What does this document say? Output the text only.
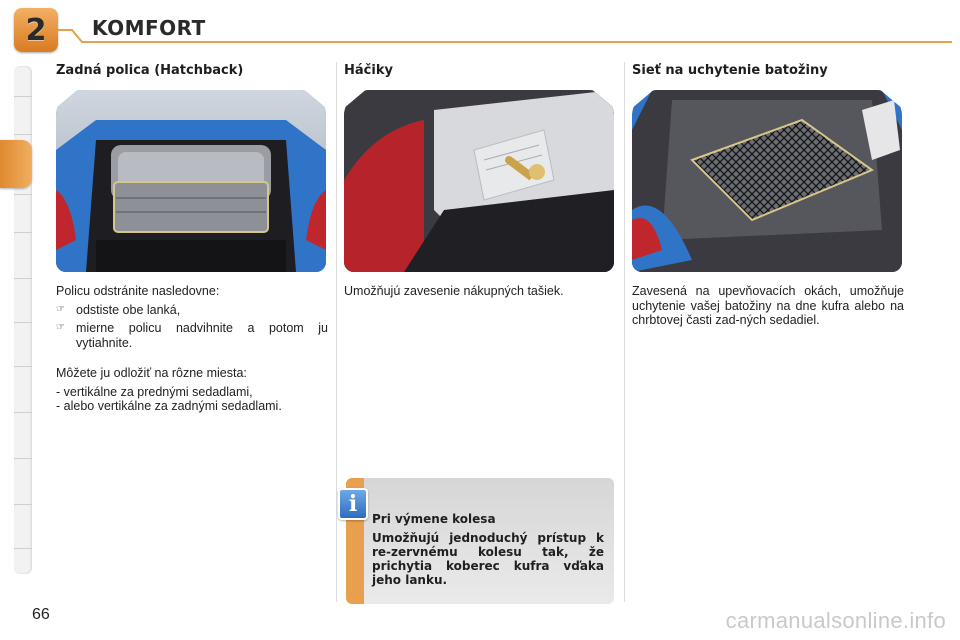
2 KOMFORT
Zadná polica (Hatchback)

Policu odstránite nasledovne:

☞ odstiste obe lanká,
☞ mierne policu nadvihnite a potom ju vytiahnite.

Môžete ju odložiť na rôzne miesta:

- vertikálne za prednými sedadlami,

- alebo vertikálne za zadnými sedadlami.

Háčiky

Umožňujú zavesenie nákupných tašiek.

Sieť na uchytenie batožiny

Zavesená na upevňovacích okách, umožňuje uchytenie vašej batožiny na dne kufra alebo na chrbtovej časti zad-ných sedadiel.

Pri výmene kolesa
Umožňujú jednoduchý prístup k re-zervnému kolesu tak, že prichytia koberec kufra vďaka jeho lanku.
i
66	carmanualsonline.info
